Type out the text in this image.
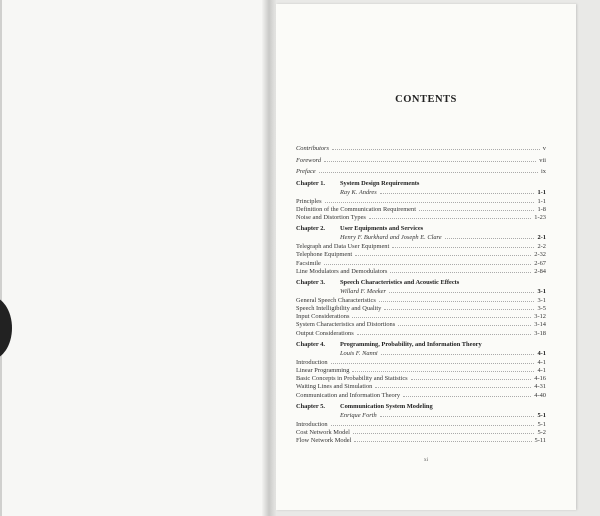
CONTENTS
Contributors	v
Foreword	vii
Preface	ix
Chapter 1.	System Design Requirements
Ray K. Andres	1-1
Principles	1-1
Definition of the Communication Requirement	1-8
Noise and Distortion Types	1-23
Chapter 2.	User Equipments and Services
Henry F. Burkhard and Joseph E. Clare	2-1
Telegraph and Data User Equipment	2-2
Telephone Equipment	2-32
Facsimile	2-67
Line Modulators and Demodulators	2-84
Chapter 3.	Speech Characteristics and Acoustic Effects
Willard F. Meeker	3-1
General Speech Characteristics	3-1
Speech Intelligibility and Quality	3-5
Input Considerations	3-12
System Characteristics and Distortions	3-14
Output Considerations	3-18
Chapter 4.	Programming, Probability, and Information Theory
Louis F. Nanni	4-1
Introduction	4-1
Linear Programming	4-1
Basic Concepts in Probability and Statistics	4-16
Waiting Lines and Simulation	4-31
Communication and Information Theory	4-40
Chapter 5.	Communication System Modeling
Enrique Forth	5-1
Introduction	5-1
Cost Network Model	5-2
Flow Network Model	5-11
xi
